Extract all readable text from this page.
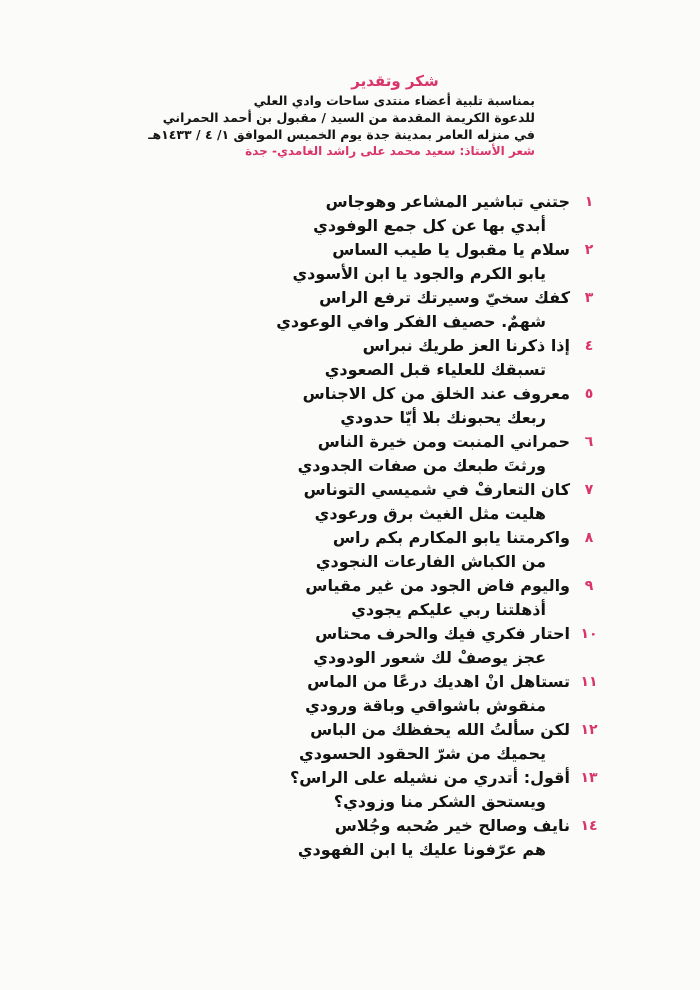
شكر وتقدير
بمناسبة تلبية أعضاء منتدى ساحات وادي العلي
للدعوة الكريمة المقدمة من السيد / مقبول بن أحمد الحمراني
في منزله العامر بمدينة جدة يوم الخميس الموافق ١/ ٤ / ١٤٣٣هـ
شعر الأستاذ: سعيد محمد على راشد الغامدي- جدة
١
جتني تباشير المشاعر وهوجاس
أبدي بها عن كل جمع الوفودي
٢
سلام يا مقبول يا طيب الساس
يابو الكرم والجود يا ابن الأسودي
٣
كفك سخيّ وسيرتك ترفع الراس
شهمٌ. حصيف الفكر وافي الوعودي
٤
إذا ذكرنا العز طريك نبراس
تسبقك للعلياء قبل الصعودي
٥
معروف عند الخلق من كل الاجناس
ربعك يحبونك بلا أيّا حدودي
٦
حمراني المنبت ومن خيرة الناس
ورثتَ طبعك من صفات الجدودي
٧
كان التعارفْ في شميسي التوناس
هليت مثل الغيث برق ورعودي
٨
واكرمتنا يابو المكارم بكم راس
من الكباش الفارعات النجودي
٩
واليوم فاض الجود من غير مقياس
أذهلتنا ربي عليكم يجودي
١٠
احتار فكري فيك والحرف محتاس
عجز يوصفْ لك شعور الودودي
١١
تستاهل انْ اهديك درعًا من الماس
منقوش باشواقي وباقة ورودي
١٢
لكن سألتُ الله يحفظك من الباس
يحميك من شرّ الحقود الحسودي
١٣
أقول: أتدري من نشيله على الراس؟
ويستحق الشكر منا وزودي؟
١٤
نايف وصالح خير صُحبه وجُلاس
هم عرّفونا عليك يا ابن الفهودي
